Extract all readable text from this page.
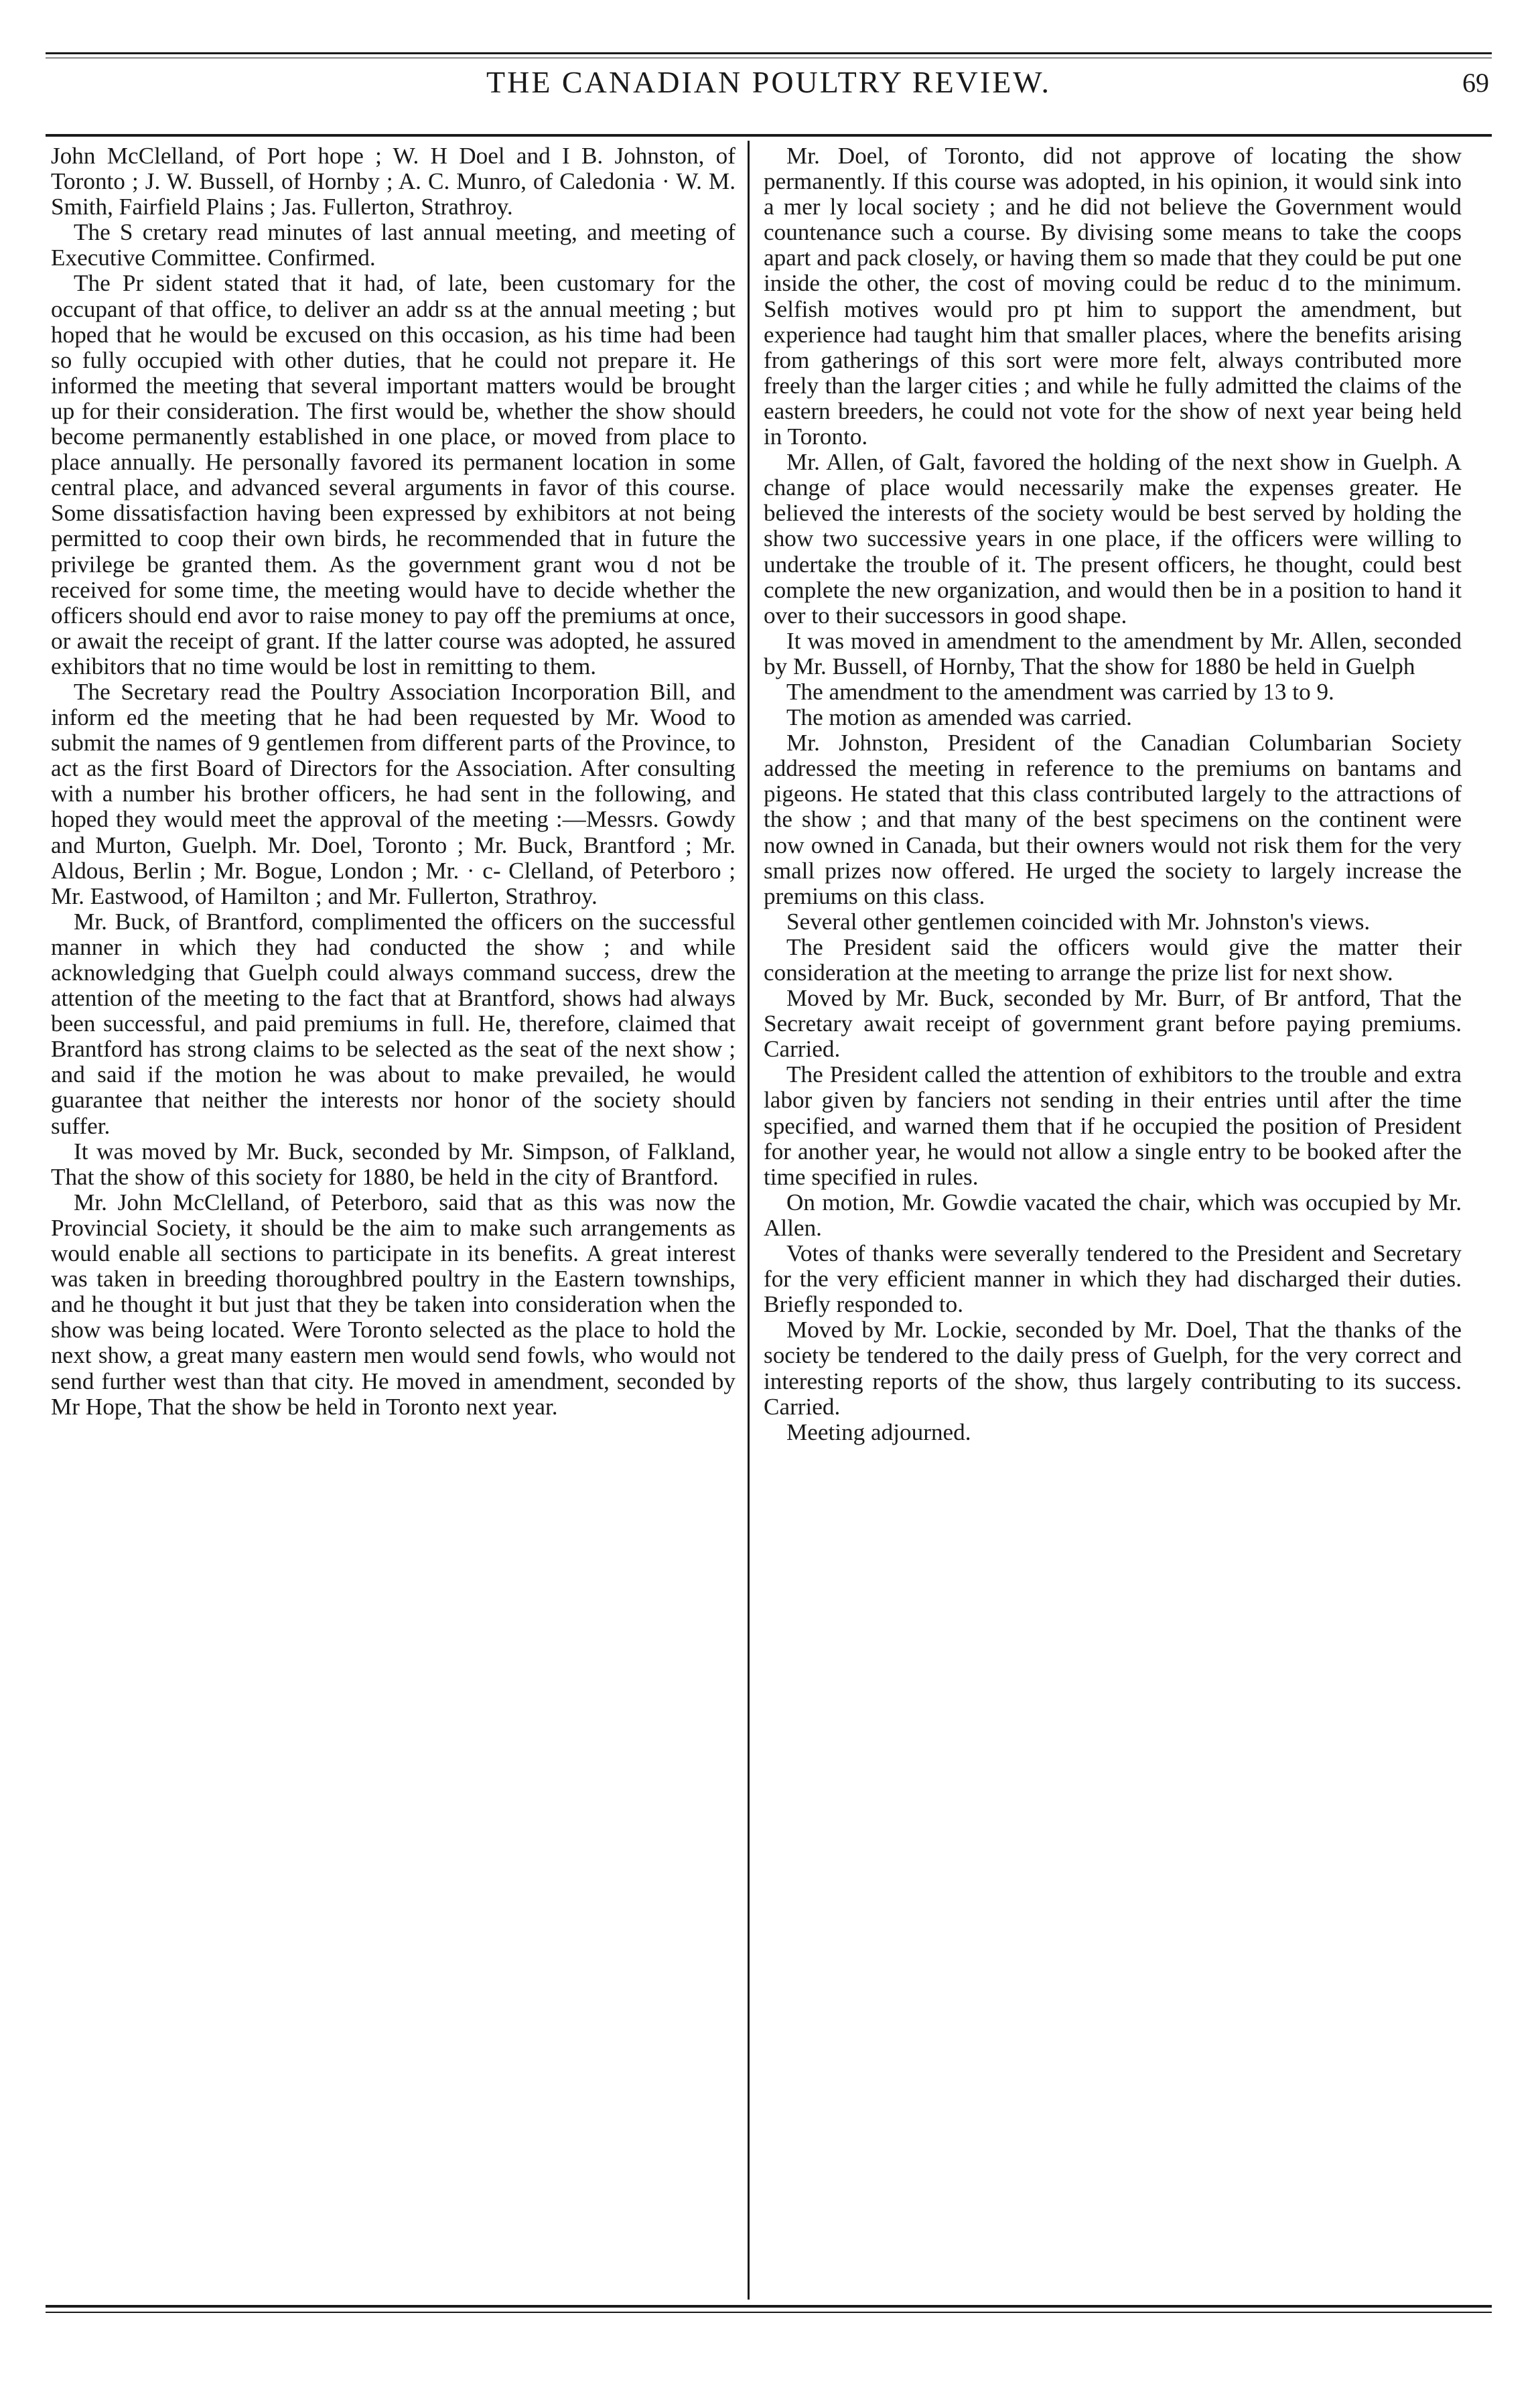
THE CANADIAN POULTRY REVIEW.	69

John McClelland, of Port hope ; W. H Doel and I B. Johnston, of Toronto ; J. W. Bussell, of Hornby ; A. C. Munro, of Caledonia · W. M. Smith, Fairfield Plains ; Jas. Fullerton, Strathroy.

The S cretary read minutes of last annual meeting, and meeting of Executive Committee. Confirmed.

The Pr sident stated that it had, of late, been customary for the occupant of that office, to deliver an addr ss at the annual meeting ; but hoped that he would be excused on this occasion, as his time had been so fully occupied with other duties, that he could not prepare it. He informed the meeting that several important matters would be brought up for their consideration. The first would be, whether the show should become permanently established in one place, or moved from place to place annually. He personally favored its permanent location in some central place, and advanced several arguments in favor of this course. Some dissatisfaction having been expressed by exhibitors at not being permitted to coop their own birds, he recommended that in future the privilege be granted them. As the government grant wou d not be received for some time, the meeting would have to decide whether the officers should end avor to raise money to pay off the premiums at once, or await the receipt of grant. If the latter course was adopted, he assured exhibitors that no time would be lost in remitting to them.

The Secretary read the Poultry Association Incorporation Bill, and inform ed the meeting that he had been requested by Mr. Wood to submit the names of 9 gentlemen from different parts of the Province, to act as the first Board of Directors for the Association. After consulting with a number his brother officers, he had sent in the following, and hoped they would meet the approval of the meeting :—Messrs. Gowdy and Murton, Guelph. Mr. Doel, Toronto ; Mr. Buck, Brantford ; Mr. Aldous, Berlin ; Mr. Bogue, London ; Mr. · c- Clelland, of Peterboro ; Mr. Eastwood, of Hamilton ; and Mr. Fullerton, Strathroy.

Mr. Buck, of Brantford, complimented the officers on the successful manner in which they had conducted the show ; and while acknowledging that Guelph could always command success, drew the attention of the meeting to the fact that at Brantford, shows had always been successful, and paid premiums in full. He, therefore, claimed that Brantford has strong claims to be selected as the seat of the next show ; and said if the motion he was about to make prevailed, he would guarantee that neither the interests nor honor of the society should suffer.

It was moved by Mr. Buck, seconded by Mr. Simpson, of Falkland, That the show of this society for 1880, be held in the city of Brantford.

Mr. John McClelland, of Peterboro, said that as this was now the Provincial Society, it should be the aim to make such arrangements as would enable all sections to participate in its benefits. A great interest was taken in breeding thoroughbred poultry in the Eastern townships, and he thought it but just that they be taken into consideration when the show was being located. Were Toronto selected as the place to hold the next show, a great many eastern men would send fowls, who would not send further west than that city. He moved in amendment, seconded by Mr Hope, That the show be held in Toronto next year.

Mr. Doel, of Toronto, did not approve of locating the show permanently. If this course was adopted, in his opinion, it would sink into a mer ly local society ; and he did not believe the Government would countenance such a course. By divising some means to take the coops apart and pack closely, or having them so made that they could be put one inside the other, the cost of moving could be reduc d to the minimum. Selfish motives would pro pt him to support the amendment, but experience had taught him that smaller places, where the benefits arising from gatherings of this sort were more felt, always contributed more freely than the larger cities ; and while he fully admitted the claims of the eastern breeders, he could not vote for the show of next year being held in Toronto.

Mr. Allen, of Galt, favored the holding of the next show in Guelph. A change of place would necessarily make the expenses greater. He believed the interests of the society would be best served by holding the show two successive years in one place, if the officers were willing to undertake the trouble of it. The present officers, he thought, could best complete the new organization, and would then be in a position to hand it over to their successors in good shape.

It was moved in amendment to the amendment by Mr. Allen, seconded by Mr. Bussell, of Hornby, That the show for 1880 be held in Guelph

The amendment to the amendment was carried by 13 to 9.

The motion as amended was carried.

Mr. Johnston, President of the Canadian Columbarian Society addressed the meeting in reference to the premiums on bantams and pigeons. He stated that this class contributed largely to the attractions of the show ; and that many of the best specimens on the continent were now owned in Canada, but their owners would not risk them for the very small prizes now offered. He urged the society to largely increase the premiums on this class.

Several other gentlemen coincided with Mr. Johnston's views.

The President said the officers would give the matter their consideration at the meeting to arrange the prize list for next show.

Moved by Mr. Buck, seconded by Mr. Burr, of Br antford, That the Secretary await receipt of government grant before paying premiums. Carried.

The President called the attention of exhibitors to the trouble and extra labor given by fanciers not sending in their entries until after the time specified, and warned them that if he occupied the position of President for another year, he would not allow a single entry to be booked after the time specified in rules.

On motion, Mr. Gowdie vacated the chair, which was occupied by Mr. Allen.

Votes of thanks were severally tendered to the President and Secretary for the very efficient manner in which they had discharged their duties. Briefly responded to.

Moved by Mr. Lockie, seconded by Mr. Doel, That the thanks of the society be tendered to the daily press of Guelph, for the very correct and interesting reports of the show, thus largely contributing to its success. Carried.

Meeting adjourned.
